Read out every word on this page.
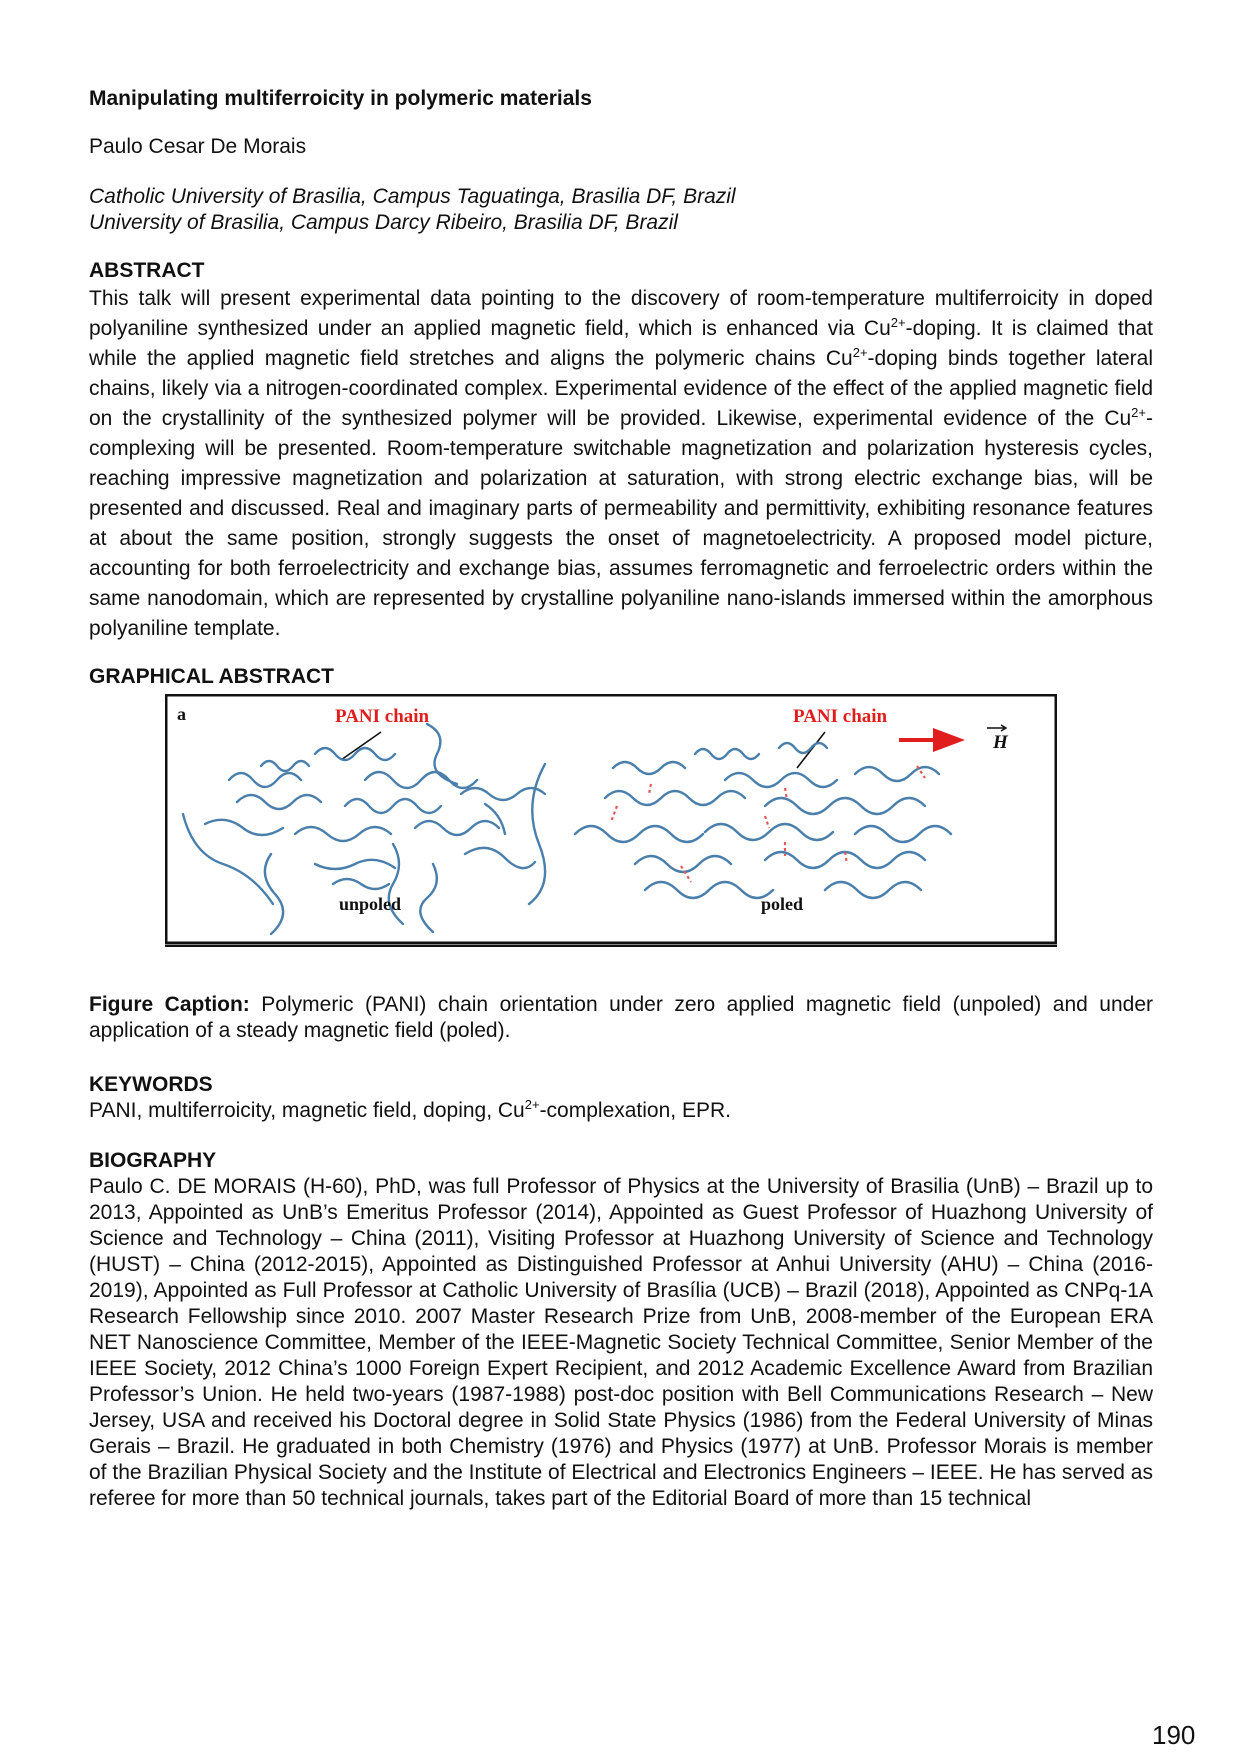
Manipulating multiferroicity in polymeric materials
Paulo Cesar De Morais
Catholic University of Brasilia, Campus Taguatinga, Brasilia DF, Brazil
University of Brasilia, Campus Darcy Ribeiro, Brasilia DF, Brazil
ABSTRACT

This talk will present experimental data pointing to the discovery of room-temperature multiferroicity in doped polyaniline synthesized under an applied magnetic field, which is enhanced via $Cu^{2+}$-doping. It is claimed that while the applied magnetic field stretches and aligns the polymeric chains $Cu^{2+}$-doping binds together lateral chains, likely via a nitrogen-coordinated complex. Experimental evidence of the effect of the applied magnetic field on the crystallinity of the synthesized polymer will be provided. Likewise, experimental evidence of the $Cu^{2+}$-complexing will be presented. Room-temperature switchable magnetization and polarization hysteresis cycles, reaching impressive magnetization and polarization at saturation, with strong electric exchange bias, will be presented and discussed. Real and imaginary parts of permeability and permittivity, exhibiting resonance features at about the same position, strongly suggests the onset of magnetoelectricity. A proposed model picture, accounting for both ferroelectricity and exchange bias, assumes ferromagnetic and ferroelectric orders within the same nanodomain, which are represented by crystalline polyaniline nano-islands immersed within the amorphous polyaniline template.

GRAPHICAL ABSTRACT
a	PANI chain	PANI chain
H
unpoled	poled

Figure Caption: Polymeric (PANI) chain orientation under zero applied magnetic field (unpoled) and under application of a steady magnetic field (poled).

KEYWORDS

PANI, multiferroicity, magnetic field, doping, $Cu^{2+}$-complexation, EPR.

BIOGRAPHY

Paulo C. DE MORAIS (H-60), PhD, was full Professor of Physics at the University of Brasilia (UnB) – Brazil up to 2013, Appointed as UnB’s Emeritus Professor (2014), Appointed as Guest Professor of Huazhong University of Science and Technology – China (2011), Visiting Professor at Huazhong University of Science and Technology (HUST) – China (2012-2015), Appointed as Distinguished Professor at Anhui University (AHU) – China (2016-2019), Appointed as Full Professor at Catholic University of Brasília (UCB) – Brazil (2018), Appointed as CNPq-1A Research Fellowship since 2010. 2007 Master Research Prize from UnB, 2008-member of the European ERA NET Nanoscience Committee, Member of the IEEE-Magnetic Society Technical Committee, Senior Member of the IEEE Society, 2012 China’s 1000 Foreign Expert Recipient, and 2012 Academic Excellence Award from Brazilian Professor’s Union. He held two-years (1987-1988) post-doc position with Bell Communications Research – New Jersey, USA and received his Doctoral degree in Solid State Physics (1986) from the Federal University of Minas Gerais – Brazil. He graduated in both Chemistry (1976) and Physics (1977) at UnB. Professor Morais is member of the Brazilian Physical Society and the Institute of Electrical and Electronics Engineers – IEEE. He has served as referee for more than 50 technical journals, takes part of the Editorial Board of more than 15 technical

190
